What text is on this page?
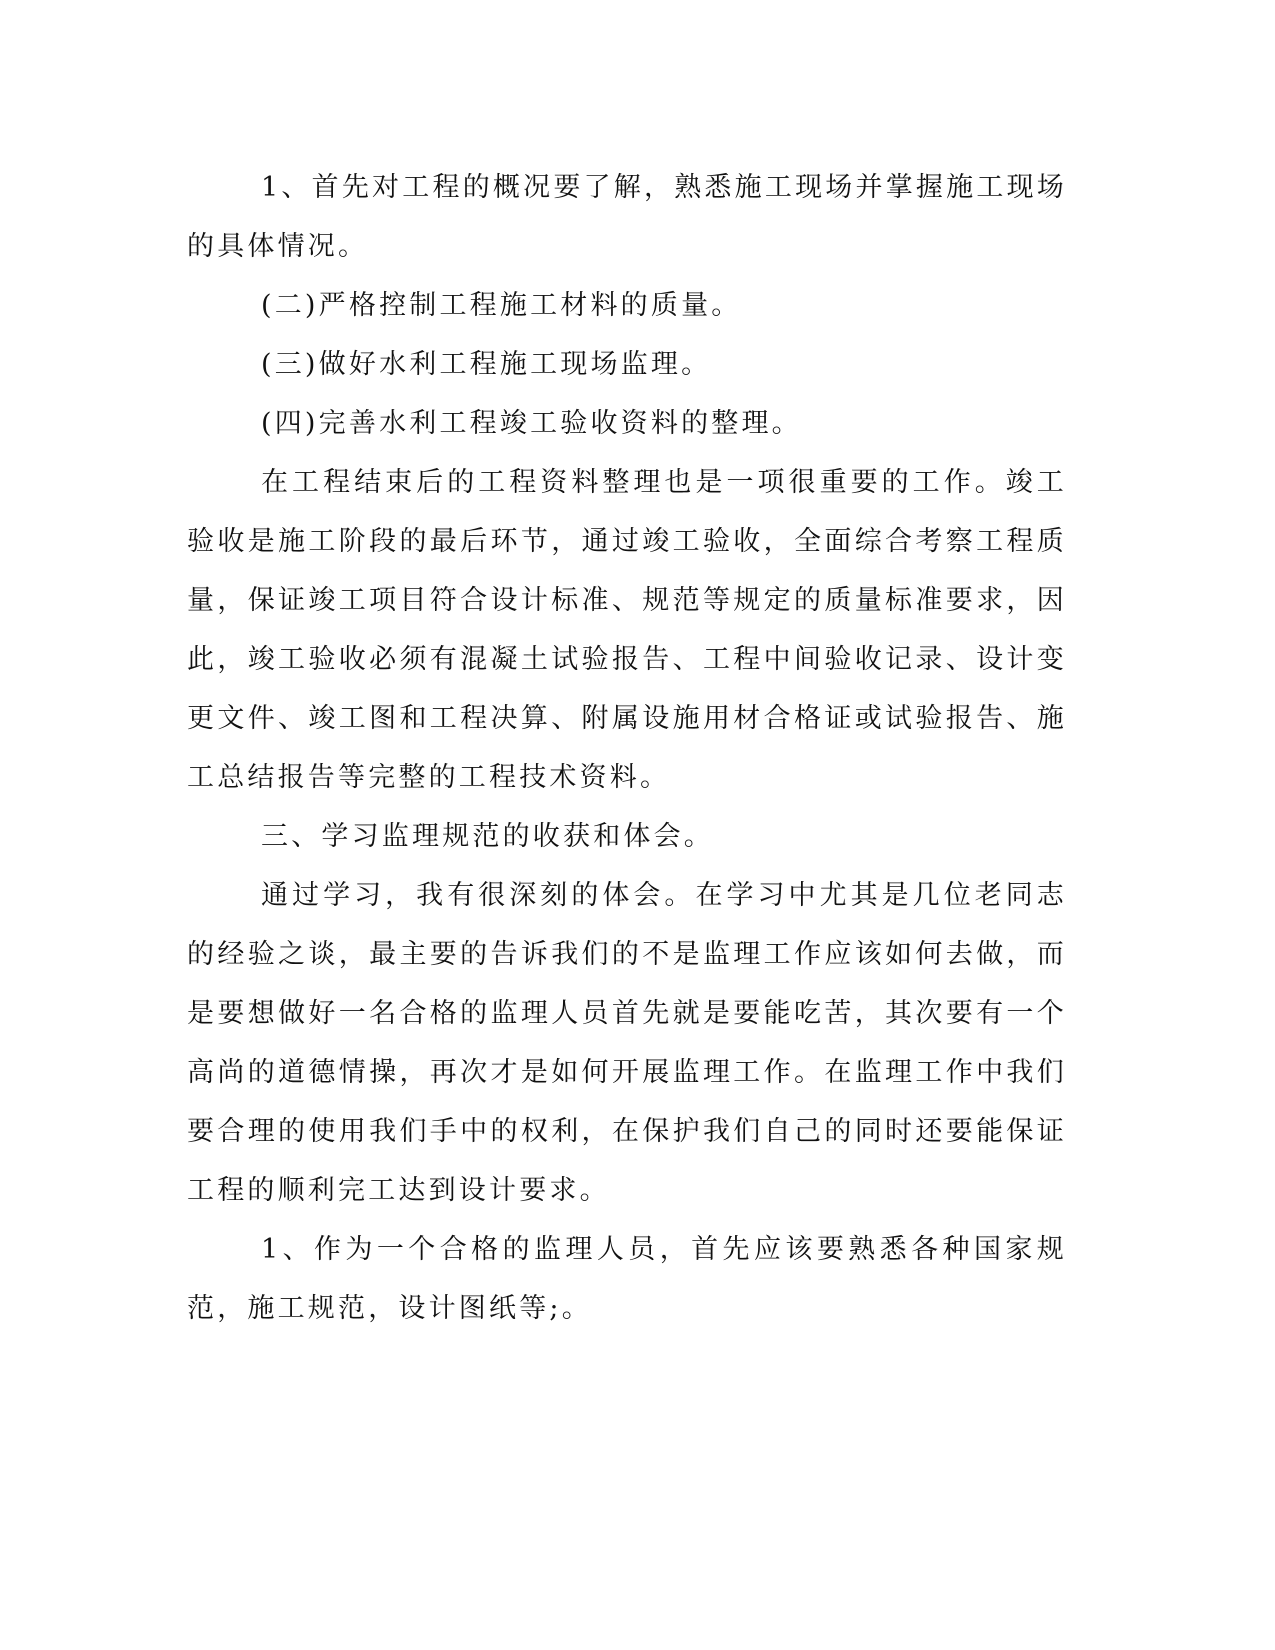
1、首先对工程的概况要了解，熟悉施工现场并掌握施工现场的具体情况。

(二)严格控制工程施工材料的质量。

(三)做好水利工程施工现场监理。

(四)完善水利工程竣工验收资料的整理。

在工程结束后的工程资料整理也是一项很重要的工作。竣工验收是施工阶段的最后环节，通过竣工验收，全面综合考察工程质量，保证竣工项目符合设计标准、规范等规定的质量标准要求，因此，竣工验收必须有混凝土试验报告、工程中间验收记录、设计变更文件、竣工图和工程决算、附属设施用材合格证或试验报告、施工总结报告等完整的工程技术资料。

三、学习监理规范的收获和体会。

通过学习，我有很深刻的体会。在学习中尤其是几位老同志的经验之谈，最主要的告诉我们的不是监理工作应该如何去做，而是要想做好一名合格的监理人员首先就是要能吃苦，其次要有一个高尚的道德情操，再次才是如何开展监理工作。在监理工作中我们要合理的使用我们手中的权利，在保护我们自己的同时还要能保证工程的顺利完工达到设计要求。

1、作为一个合格的监理人员，首先应该要熟悉各种国家规范，施工规范，设计图纸等;。
